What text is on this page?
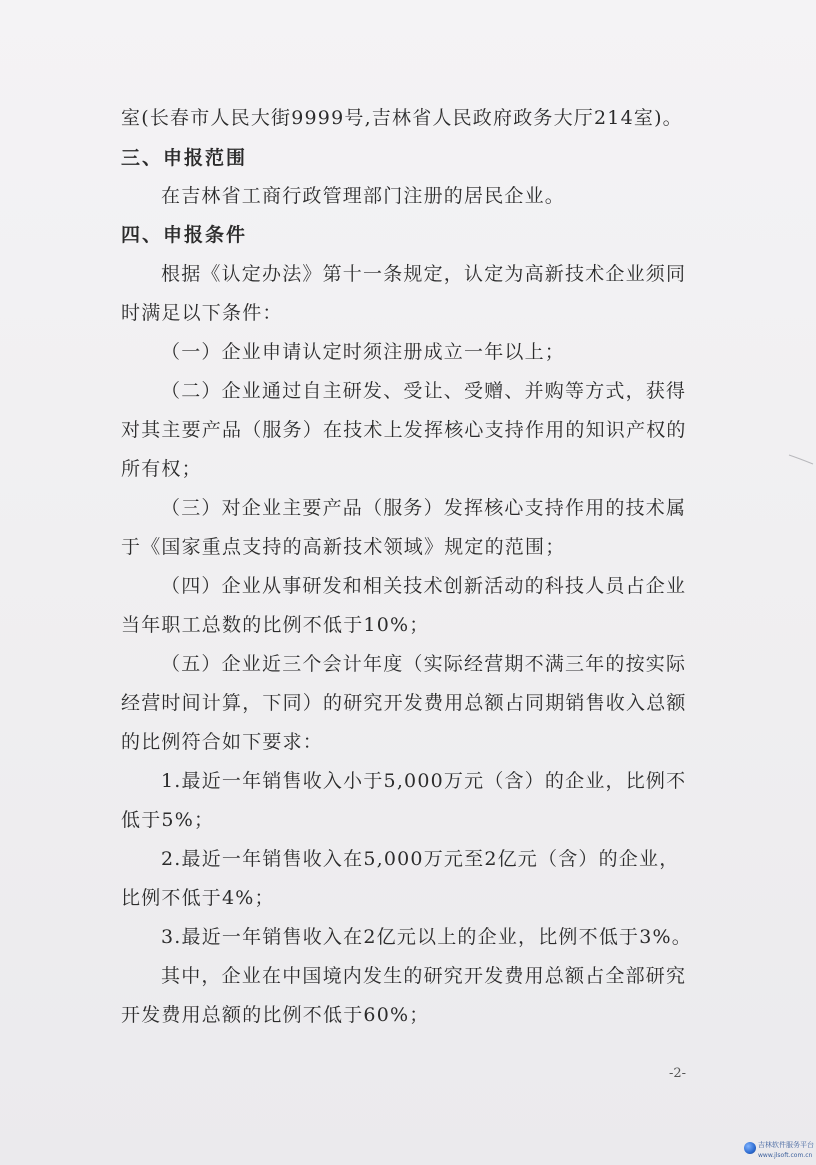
室(长春市人民大街9999号,吉林省人民政府政务大厅214室)。
三、申报范围
在吉林省工商行政管理部门注册的居民企业。
四、申报条件
根据《认定办法》第十一条规定，认定为高新技术企业须同
时满足以下条件：
（一）企业申请认定时须注册成立一年以上；
（二）企业通过自主研发、受让、受赠、并购等方式，获得
对其主要产品（服务）在技术上发挥核心支持作用的知识产权的
所有权；
（三）对企业主要产品（服务）发挥核心支持作用的技术属
于《国家重点支持的高新技术领域》规定的范围；
（四）企业从事研发和相关技术创新活动的科技人员占企业
当年职工总数的比例不低于10%；
（五）企业近三个会计年度（实际经营期不满三年的按实际
经营时间计算，下同）的研究开发费用总额占同期销售收入总额
的比例符合如下要求：
1.最近一年销售收入小于5,000万元（含）的企业，比例不
低于5%；
2.最近一年销售收入在5,000万元至2亿元（含）的企业，
比例不低于4%；
3.最近一年销售收入在2亿元以上的企业，比例不低于3%。
其中，企业在中国境内发生的研究开发费用总额占全部研究
开发费用总额的比例不低于60%；
-2-
吉林软件服务平台
www.jlsoft.com.cn
